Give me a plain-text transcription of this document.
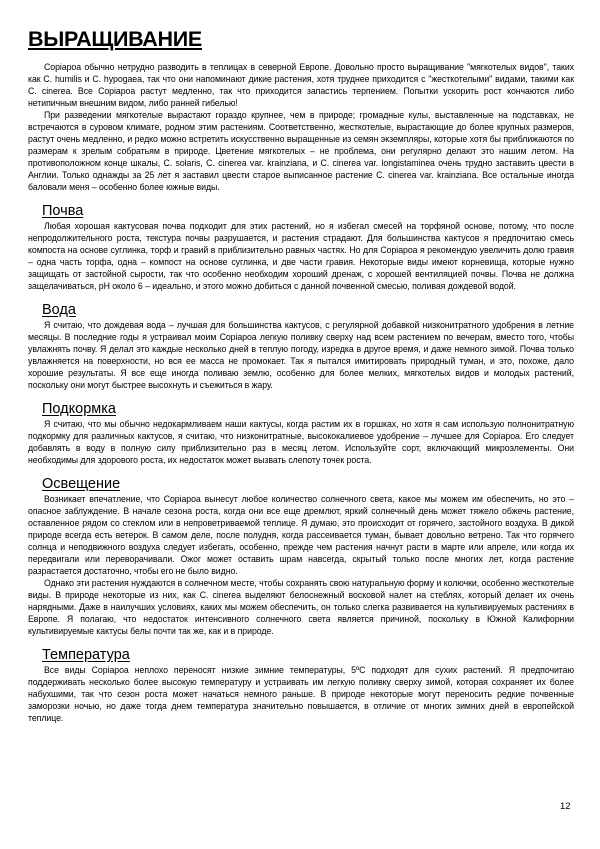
ВЫРАЩИВАНИЕ

Copiapoa обычно нетрудно разводить в теплицах в северной Европе. Довольно просто выращивание "мягкотелых видов", таких как C. humilis и C. hypogaea, так что они напоминают дикие растения, хотя труднее приходится с "жесткотелыми" видами, такими как C. cinerea. Все Copiapoa растут медленно, так что приходится запастись терпением. Попытки ускорить рост кончаются либо нетипичным внешним видом, либо ранней гибелью!

При разведении мягкотелые вырастают гораздо крупнее, чем в природе; громадные кулы, выставленные на подставках, не встречаются в суровом климате, родном этим растениям. Соответственно, жесткотелые, вырастающие до более крупных размеров, растут очень медленно, и редко можно встретить искусственно выращенные из семян экземпляры, которые хотя бы приближаются по размерам к зрелым собратьям в природе. Цветение мягкотелых – не проблема, они регулярно делают это нашим летом. На противоположном конце шкалы, C. solaris, C. cinerea var. krainziana, и C. cinerea var. longistaminea очень трудно заставить цвести в Англии. Только однажды за 25 лет я заставил цвести старое выписанное растение C. cinerea var. krainziana. Все остальные иногда баловали меня – особенно более южные виды.

Почва

Любая хорошая кактусовая почва подходит для этих растений, но я избегал смесей на торфяной основе, потому, что после непродолжительного роста, текстура почвы разрушается, и растения страдают. Для большинства кактусов я предпочитаю смесь компоста на основе суглинка, торф и гравий в приблизительно равных частях. Но для Copiapoa я рекомендую увеличить долю гравия – одна часть торфа, одна – компост на основе суглинка, и две части гравия. Некоторые виды имеют корневища, которые нужно защищать от застойной сырости, так что особенно необходим хороший дренаж, с хорошей вентиляцией почвы. Почва не должна защелачиваться, pH около 6 – идеально, и этого можно добиться с данной почвенной смесью, поливая дождевой водой.

Вода

Я считаю, что дождевая вода – лучшая для большинства кактусов, с регулярной добавкой низконитратного удобрения в летние месяцы. В последние годы я устраивал моим Copiapoa легкую поливку сверху над всем растением по вечерам, вместо того, чтобы увлажнять почву. Я делал это каждые несколько дней в теплую погоду, изредка в другое время, и даже немного зимой. Почва только увлажняется на поверхности, но вся ее масса не промокает. Так я пытался имитировать природный туман, и это, похоже, дало хорошие результаты. Я все еще иногда поливаю землю, особенно для более мелких, мягкотелых видов и молодых растений, поскольку они могут быстрее высохнуть и съежиться в жару.

Подкормка

Я считаю, что мы обычно недокармливаем наши кактусы, когда растим их в горшках, но хотя я сам использую полнонитратную подкормку для различных кактусов, я считаю, что низконитратные, высококалиевое удобрение – лучшее для Copiapoa. Его следует добавлять в воду в полную силу приблизительно раз в месяц летом. Используйте сорт, включающий микроэлементы. Они необходимы для здорового роста, их недостаток может вызвать слепоту точек роста.

Освещение

Возникает впечатление, что Copiapoa вынесут любое количество солнечного света, какое мы можем им обеспечить, но это – опасное заблуждение. В начале сезона роста, когда они все еще дремлют, яркий солнечный день может тяжело обжечь растение, оставленное рядом со стеклом или в непроветриваемой теплице. Я думаю, это происходит от горячего, застойного воздуха. В дикой природе всегда есть ветерок. В самом деле, после полудня, когда рассеивается туман, бывает довольно ветрено. Так что горячего солнца и неподвижного воздуха следует избегать, особенно, прежде чем растения начнут расти в марте или апреле, или когда их передвигали или переворачивали. Ожог может оставить шрам навсегда, скрытый только после многих лет, когда растение разрастается достаточно, чтобы его не было видно.

Однако эти растения нуждаются в солнечном месте, чтобы сохранять свою натуральную форму и колючки, особенно жесткотелые виды. В природе некоторые из них, как C. cinerea выделяют белоснежный восковой налет на стеблях, который делает их очень нарядными. Даже в наилучших условиях, каких мы можем обеспечить, он только слегка развивается на культивируемых растениях в Европе. Я полагаю, что недостаток интенсивного солнечного света является причиной, поскольку в Южной Калифорнии культивируемые кактусы белы почти так же, как и в природе.

Температура

Все виды Copiapoa неплохо переносят низкие зимние температуры, 5ºC подходят для сухих растений. Я предпочитаю поддерживать несколько более высокую температуру и устраивать им легкую поливку сверху зимой, которая сохраняет их более набухшими, так что сезон роста может начаться немного раньше. В природе некоторые могут переносить редкие почвенные заморозки ночью, но даже тогда днем температура значительно повышается, в отличие от многих зимних дней в европейской теплице.

12
